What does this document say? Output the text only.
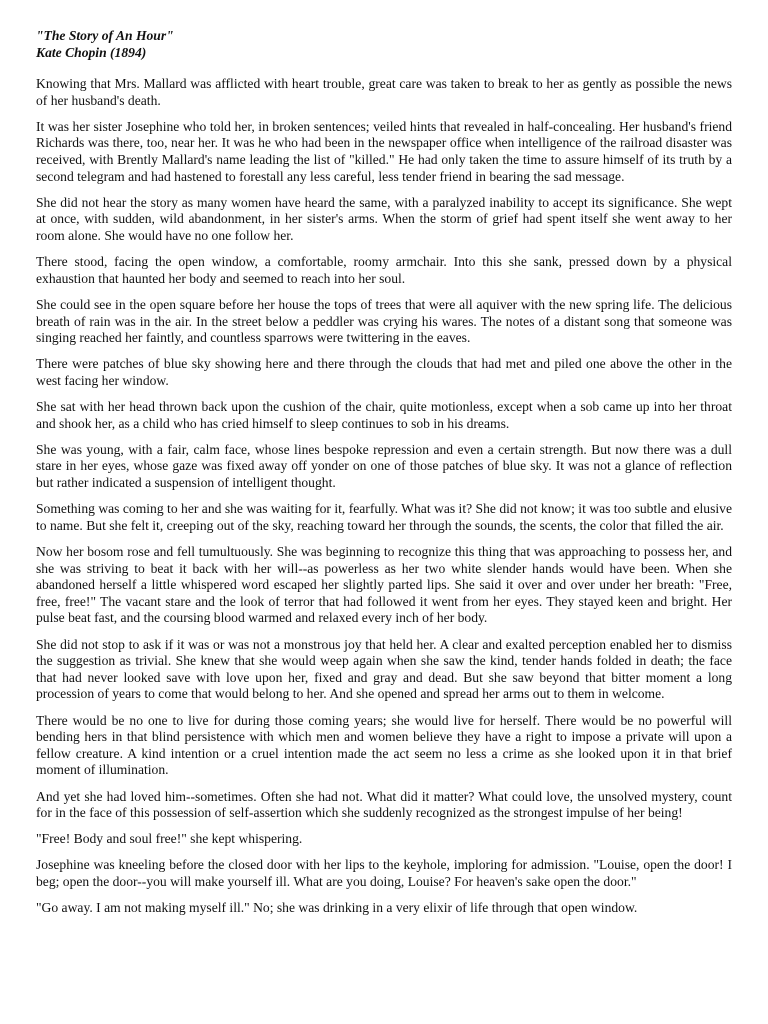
"The Story of An Hour"
Kate Chopin (1894)

Knowing that Mrs. Mallard was afflicted with heart trouble, great care was taken to break to her as gently as possible the news of her husband's death.

It was her sister Josephine who told her, in broken sentences; veiled hints that revealed in half-concealing. Her husband's friend Richards was there, too, near her. It was he who had been in the newspaper office when intelligence of the railroad disaster was received, with Brently Mallard's name leading the list of "killed." He had only taken the time to assure himself of its truth by a second telegram and had hastened to forestall any less careful, less tender friend in bearing the sad message.

She did not hear the story as many women have heard the same, with a paralyzed inability to accept its significance. She wept at once, with sudden, wild abandonment, in her sister's arms. When the storm of grief had spent itself she went away to her room alone. She would have no one follow her.

There stood, facing the open window, a comfortable, roomy armchair. Into this she sank, pressed down by a physical exhaustion that haunted her body and seemed to reach into her soul.

She could see in the open square before her house the tops of trees that were all aquiver with the new spring life. The delicious breath of rain was in the air. In the street below a peddler was crying his wares. The notes of a distant song that someone was singing reached her faintly, and countless sparrows were twittering in the eaves.

There were patches of blue sky showing here and there through the clouds that had met and piled one above the other in the west facing her window.

She sat with her head thrown back upon the cushion of the chair, quite motionless, except when a sob came up into her throat and shook her, as a child who has cried himself to sleep continues to sob in his dreams.

She was young, with a fair, calm face, whose lines bespoke repression and even a certain strength. But now there was a dull stare in her eyes, whose gaze was fixed away off yonder on one of those patches of blue sky. It was not a glance of reflection but rather indicated a suspension of intelligent thought.

Something was coming to her and she was waiting for it, fearfully. What was it? She did not know; it was too subtle and elusive to name. But she felt it, creeping out of the sky, reaching toward her through the sounds, the scents, the color that filled the air.

Now her bosom rose and fell tumultuously. She was beginning to recognize this thing that was approaching to possess her, and she was striving to beat it back with her will--as powerless as her two white slender hands would have been. When she abandoned herself a little whispered word escaped her slightly parted lips. She said it over and over under her breath: "Free, free, free!" The vacant stare and the look of terror that had followed it went from her eyes. They stayed keen and bright. Her pulse beat fast, and the coursing blood warmed and relaxed every inch of her body.

She did not stop to ask if it was or was not a monstrous joy that held her. A clear and exalted perception enabled her to dismiss the suggestion as trivial. She knew that she would weep again when she saw the kind, tender hands folded in death; the face that had never looked save with love upon her, fixed and gray and dead. But she saw beyond that bitter moment a long procession of years to come that would belong to her. And she opened and spread her arms out to them in welcome.

There would be no one to live for during those coming years; she would live for herself. There would be no powerful will bending hers in that blind persistence with which men and women believe they have a right to impose a private will upon a fellow creature. A kind intention or a cruel intention made the act seem no less a crime as she looked upon it in that brief moment of illumination.

And yet she had loved him--sometimes. Often she had not. What did it matter? What could love, the unsolved mystery, count for in the face of this possession of self-assertion which she suddenly recognized as the strongest impulse of her being!

"Free! Body and soul free!" she kept whispering.

Josephine was kneeling before the closed door with her lips to the keyhole, imploring for admission. "Louise, open the door! I beg; open the door--you will make yourself ill. What are you doing, Louise? For heaven's sake open the door."

"Go away. I am not making myself ill." No; she was drinking in a very elixir of life through that open window.
